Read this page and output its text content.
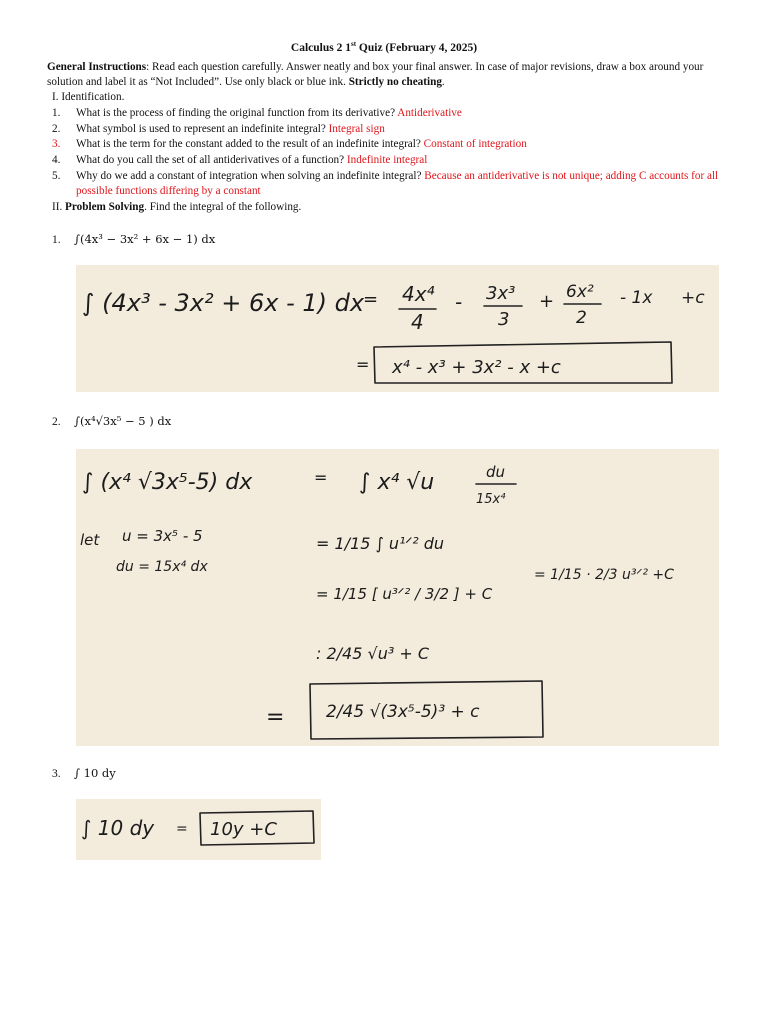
Calculus 2 1st Quiz (February 4, 2025)
General Instructions: Read each question carefully. Answer neatly and box your final answer. In case of major revisions, draw a box around your solution and label it as “Not Included”. Use only black or blue ink. Strictly no cheating.
I. Identification.
1. What is the process of finding the original function from its derivative? Antiderivative
2. What symbol is used to represent an indefinite integral? Integral sign
3. What is the term for the constant added to the result of an indefinite integral? Constant of integration
4. What do you call the set of all antiderivatives of a function? Indefinite integral
5.	Why do we add a constant of integration when solving an indefinite integral? Because an antiderivative is not unique; adding C accounts for all possible functions differing by a constant
II. Problem Solving. Find the integral of the following.
1. ∫(4x³ − 3x² + 6x − 1) dx
∫ (4x³ - 3x² + 6x - 1) dx
= 4x⁴
4
- 3x³
3
+ 6x²
2
- 1x +c
= x⁴ - x³ + 3x² - x +c
2. ∫(x⁴√3x⁵ − 5 ) dx
∫ (x⁴ √3x⁵-5) dx	= ∫ x⁴ √u	du
15x⁴
let u = 3x⁵ - 5
du = 15x⁴ dx
= 1/15 ∫ u¹ᐟ² du
= 1/15 [ u³ᐟ² / 3/2 ] + C
= 1/15 · 2/3 u³ᐟ² +C
: 2/45 √u³ + C
= 2/45 √(3x⁵-5)³ + c
3. ∫ 10 dy
∫ 10 dy = 10y +C
